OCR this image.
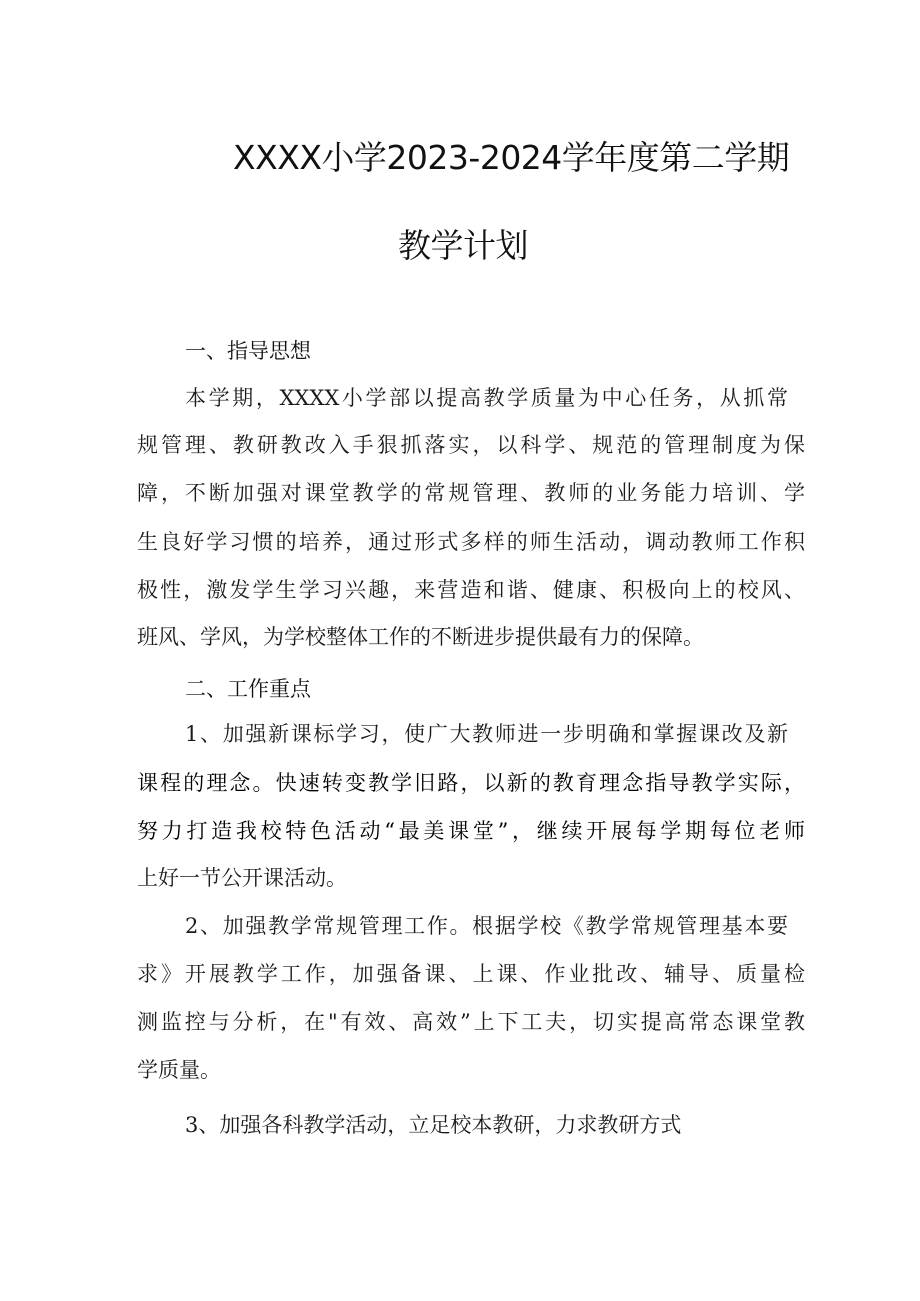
XXXX小学2023-2024学年度第二学期
教学计划
一、指导思想
本学期，XXXX小学部以提高教学质量为中心任务，从抓常
规管理、教研教改入手狠抓落实，以科学、规范的管理制度为保
障，不断加强对课堂教学的常规管理、教师的业务能力培训、学
生良好学习惯的培养，通过形式多样的师生活动，调动教师工作积
极性，激发学生学习兴趣，来营造和谐、健康、积极向上的校风、
班风、学风，为学校整体工作的不断进步提供最有力的保障。
二、工作重点
1、加强新课标学习，使广大教师进一步明确和掌握课改及新
课程的理念。快速转变教学旧路，以新的教育理念指导教学实际，
努力打造我校特色活动“最美课堂”，继续开展每学期每位老师
上好一节公开课活动。
2、加强教学常规管理工作。根据学校《教学常规管理基本要
求》开展教学工作，加强备课、上课、作业批改、辅导、质量检
测监控与分析，在"有效、高效”上下工夫，切实提高常态课堂教
学质量。
3、加强各科教学活动，立足校本教研，力求教研方式
